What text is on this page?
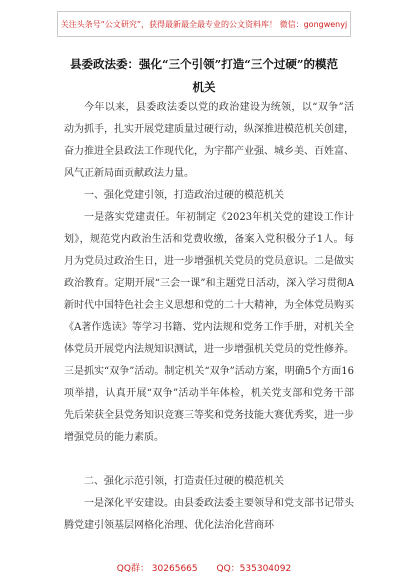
关注头条号“公文研究”，获得最新最全最专业的公文资料库！ 微信：gongwenyj
县委政法委：强化“三个引领”打造“三个过硬”的模范
机关

今年以来，县委政法委以党的政治建设为统领，以“双争”活动为抓手，扎实开展党建质量过硬行动，纵深推进模范机关创建，奋力推进全县政法工作现代化，为宇都产业强、城乡美、百姓富、风气正新局面贡献政法力量。

一、强化党建引领，打造政治过硬的模范机关

一是落实党建责任。年初制定《2023年机关党的建设工作计划》，规范党内政治生活和党费收缴，备案入党积极分子1人。每月为党员过政治生日，进一步增强机关党员的党员意识。二是做实政治教育。定期开展“三会一课”和主题党日活动，深入学习贯彻A新时代中国特色社会主义思想和党的二十大精神，为全体党员购买《A著作选读》等学习书籍、党内法规和党务工作手册，对机关全体党员开展党内法规知识测试，进一步增强机关党员的党性修养。三是抓实“双争”活动。制定机关“双争”活动方案，明确5个方面16项举措，认真开展“双争”活动半年体检，机关党支部和党务干部先后荣获全县党务知识竞赛三等奖和党务技能大赛优秀奖，进一步增强党员的能力素质。

二、强化示范引领，打造责任过硬的模范机关

一是深化平安建设。由县委政法委主要领导和党支部书记带头腾党建引领基层网格化治理、优化法治化营商环

QQ群： 30265665 QQ：535304092
